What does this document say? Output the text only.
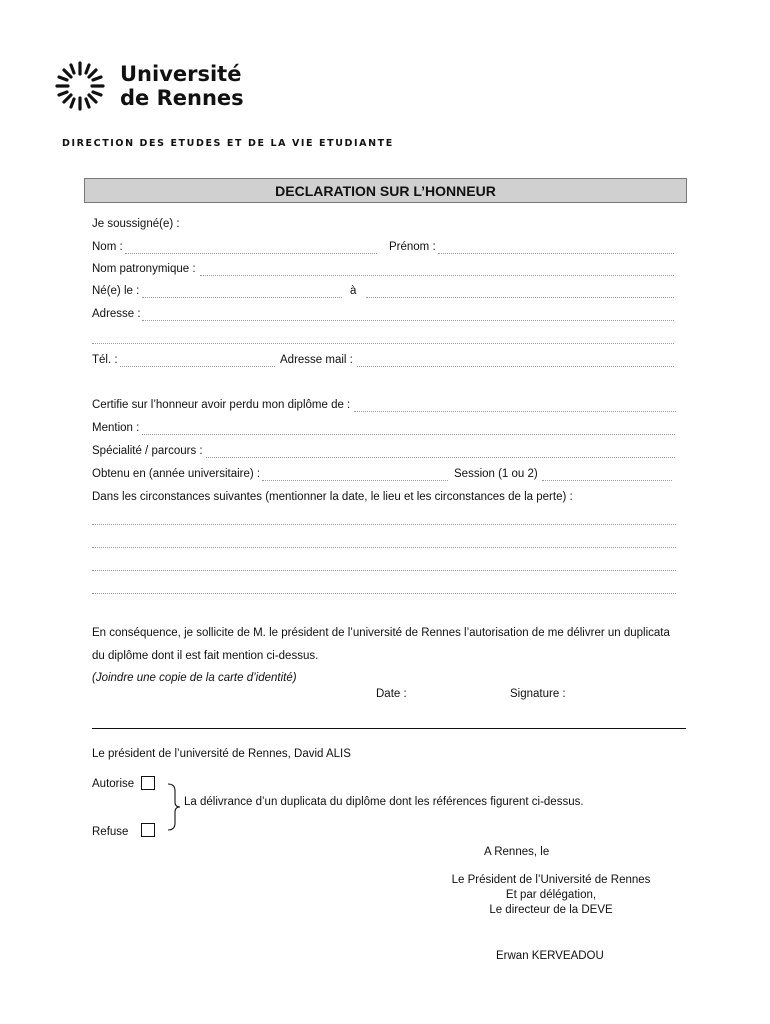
Université
de Rennes
DIRECTION DES ETUDES ET DE LA VIE ETUDIANTE
DECLARATION SUR L’HONNEUR
Je soussigné(e) :
Nom :	Prénom :
Nom patronymique :
Né(e) le :	à
Adresse :
Tél. :	Adresse mail :
Certifie sur l’honneur avoir perdu mon diplôme de :
Mention :
Spécialité / parcours :
Obtenu en (année universitaire) :	Session (1 ou 2)
Dans les circonstances suivantes (mentionner la date, le lieu et les circonstances de la perte) :
En conséquence, je sollicite de M. le président de l’université de Rennes l’autorisation de me délivrer un duplicata
du diplôme dont il est fait mention ci-dessus.
(Joindre une copie de la carte d’identité)
Date :	Signature :
Le président de l’université de Rennes, David ALIS
Autorise
Refuse
La délivrance d’un duplicata du diplôme dont les références figurent ci-dessus.
A Rennes, le
Le Président de l’Université de Rennes
Et par délégation,
Le directeur de la DEVE
Erwan KERVEADOU
